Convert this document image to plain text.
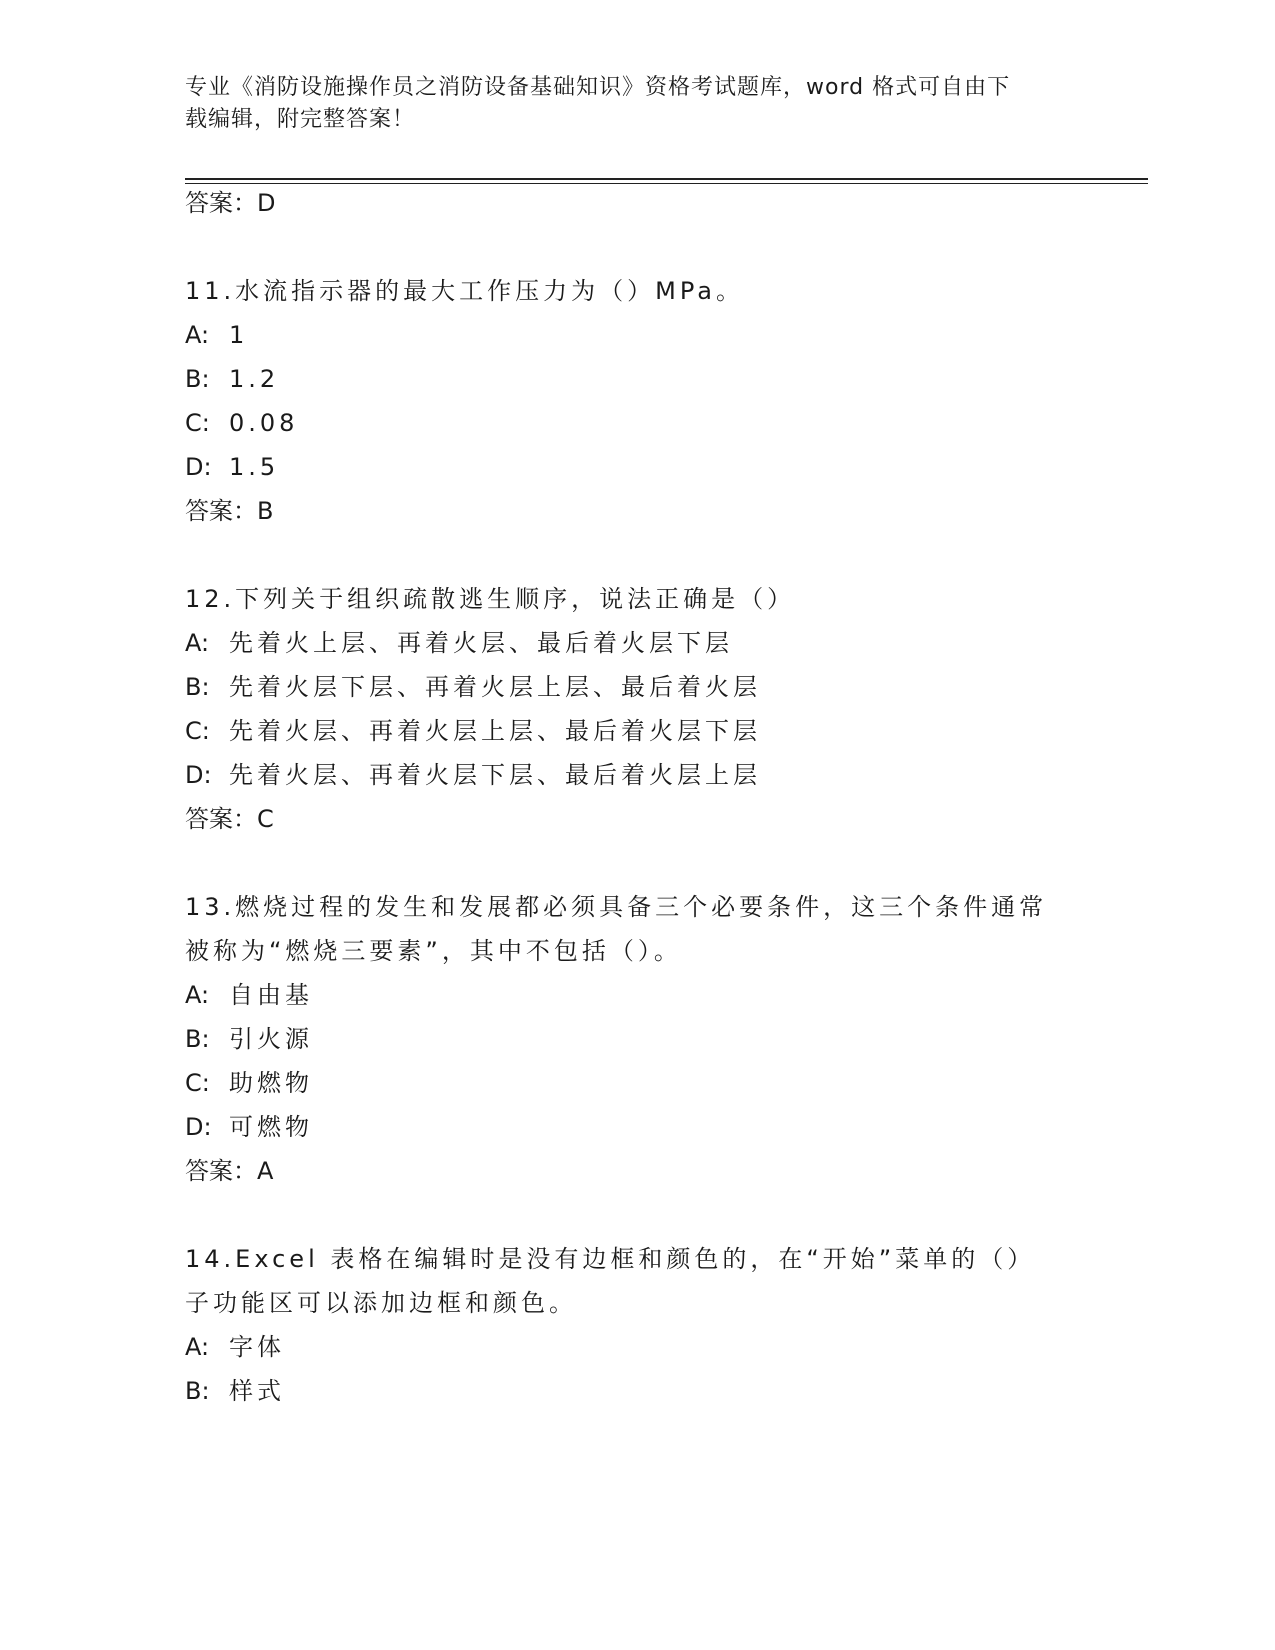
专业《消防设施操作员之消防设备基础知识》资格考试题库，word 格式可自由下
载编辑，附完整答案！
答案：D
11.水流指示器的最大工作压力为（）MPa。
A: 1
B: 1.2
C: 0.08
D: 1.5
答案：B
12.下列关于组织疏散逃生顺序，说法正确是（）
A: 先着火上层、再着火层、最后着火层下层
B: 先着火层下层、再着火层上层、最后着火层
C: 先着火层、再着火层上层、最后着火层下层
D: 先着火层、再着火层下层、最后着火层上层
答案：C
13.燃烧过程的发生和发展都必须具备三个必要条件，这三个条件通常
被称为“燃烧三要素”，其中不包括（）。
A: 自由基
B: 引火源
C: 助燃物
D: 可燃物
答案：A
14.Excel 表格在编辑时是没有边框和颜色的，在“开始”菜单的（）
子功能区可以添加边框和颜色。
A: 字体
B: 样式
